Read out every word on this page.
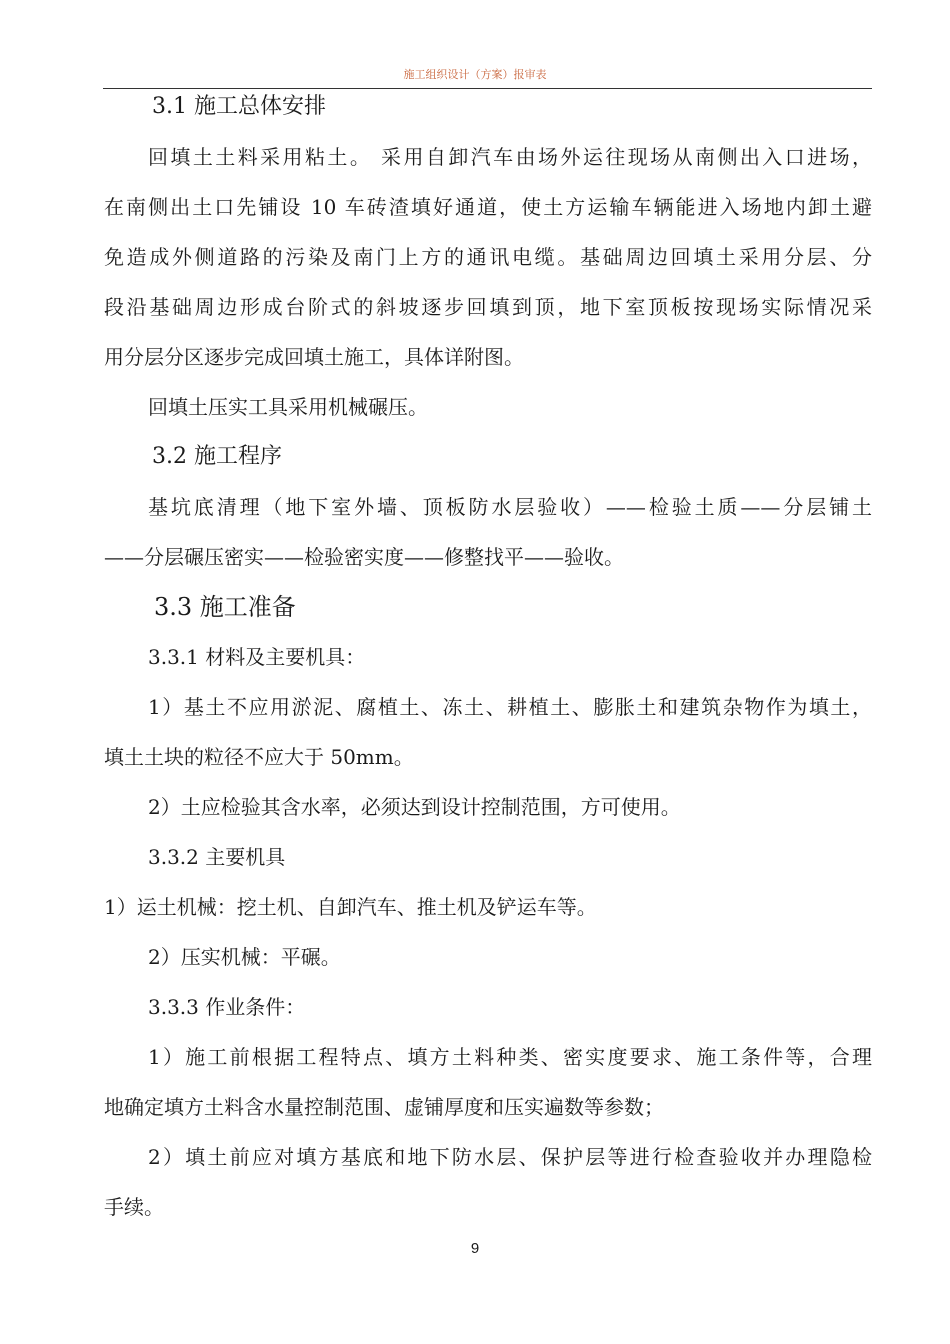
施工组织设计（方案）报审表
3.1 施工总体安排
回填土土料采用粘土。 采用自卸汽车由场外运往现场从南侧出入口进场，
在南侧出土口先铺设 10 车砖渣填好通道，使土方运输车辆能进入场地内卸土避
免造成外侧道路的污染及南门上方的通讯电缆。基础周边回填土采用分层、分
段沿基础周边形成台阶式的斜坡逐步回填到顶，地下室顶板按现场实际情况采
用分层分区逐步完成回填土施工，具体详附图。
回填土压实工具采用机械碾压。
3.2 施工程序
基坑底清理（地下室外墙、顶板防水层验收）——检验土质——分层铺土
——分层碾压密实——检验密实度——修整找平——验收。
3.3 施工准备
3.3.1 材料及主要机具：
1）基土不应用淤泥、腐植土、冻土、耕植土、膨胀土和建筑杂物作为填土，
填土土块的粒径不应大于 50mm。
2）土应检验其含水率，必须达到设计控制范围，方可使用。
3.3.2 主要机具
1）运土机械：挖土机、自卸汽车、推土机及铲运车等。
2）压实机械：平碾。
3.3.3 作业条件：
1）施工前根据工程特点、填方土料种类、密实度要求、施工条件等，合理
地确定填方土料含水量控制范围、虚铺厚度和压实遍数等参数；
2）填土前应对填方基底和地下防水层、保护层等进行检查验收并办理隐检
手续。
9
